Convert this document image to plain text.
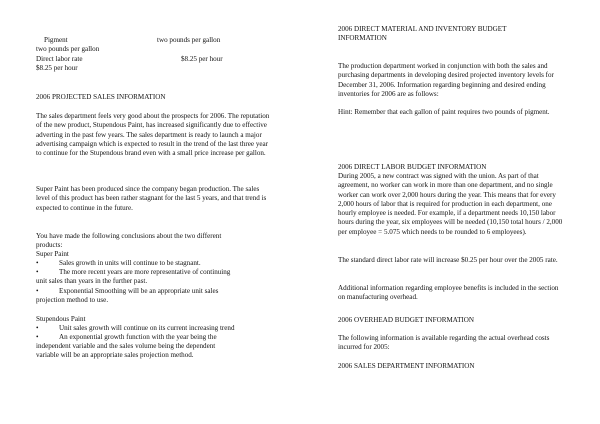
Pigment	two pounds per gallon
two pounds per gallon
Direct labor rate	$8.25 per hour
$8.25 per hour
2006 PROJECTED SALES INFORMATION
The sales department feels very good about the prospects for 2006. The reputation of the new product, Stupendous Paint, has increased significantly due to effective adverting in the past few years. The sales department is ready to launch a major advertising campaign which is expected to result in the trend of the last three year to continue for the Stupendous brand even with a small price increase per gallon.
Super Paint has been produced since the company began production. The sales level of this product has been rather stagnant for the last 5 years, and that trend is expected to continue in the future.
You have made the following conclusions about the two different products:
Super Paint
•	Sales growth in units will continue to be stagnant.
•	The more recent years are more representative of continuing
unit sales than years in the further past.
•	Exponential Smoothing will be an appropriate unit sales
projection method to use.
Stupendous Paint
•	Unit sales growth will continue on its current increasing trend
•	An exponential growth function with the year being the
independent variable and the sales volume being the dependent
variable will be an appropriate sales projection method.
2006 DIRECT MATERIAL AND INVENTORY BUDGET INFORMATION
The production department worked in conjunction with both the sales and purchasing departments in developing desired projected inventory levels for December 31, 2006. Information regarding beginning and desired ending inventories for 2006 are as follows:
Hint: Remember that each gallon of paint requires two pounds of pigment.
2006 DIRECT LABOR BUDGET INFORMATION
During 2005, a new contract was signed with the union. As part of that agreement, no worker can work in more than one department, and no single worker can work over 2,000 hours during the year. This means that for every 2,000 hours of labor that is required for production in each department, one hourly employee is needed. For example, if a department needs 10,150 labor hours during the year, six employees will be needed (10,150 total hours / 2,000 per employee = 5.075 which needs to be rounded to 6 employees).
The standard direct labor rate will increase $0.25 per hour over the 2005 rate.
Additional information regarding employee benefits is included in the section on manufacturing overhead.
2006 OVERHEAD BUDGET INFORMATION
The following information is available regarding the actual overhead costs incurred for 2005:
2006 SALES DEPARTMENT INFORMATION
